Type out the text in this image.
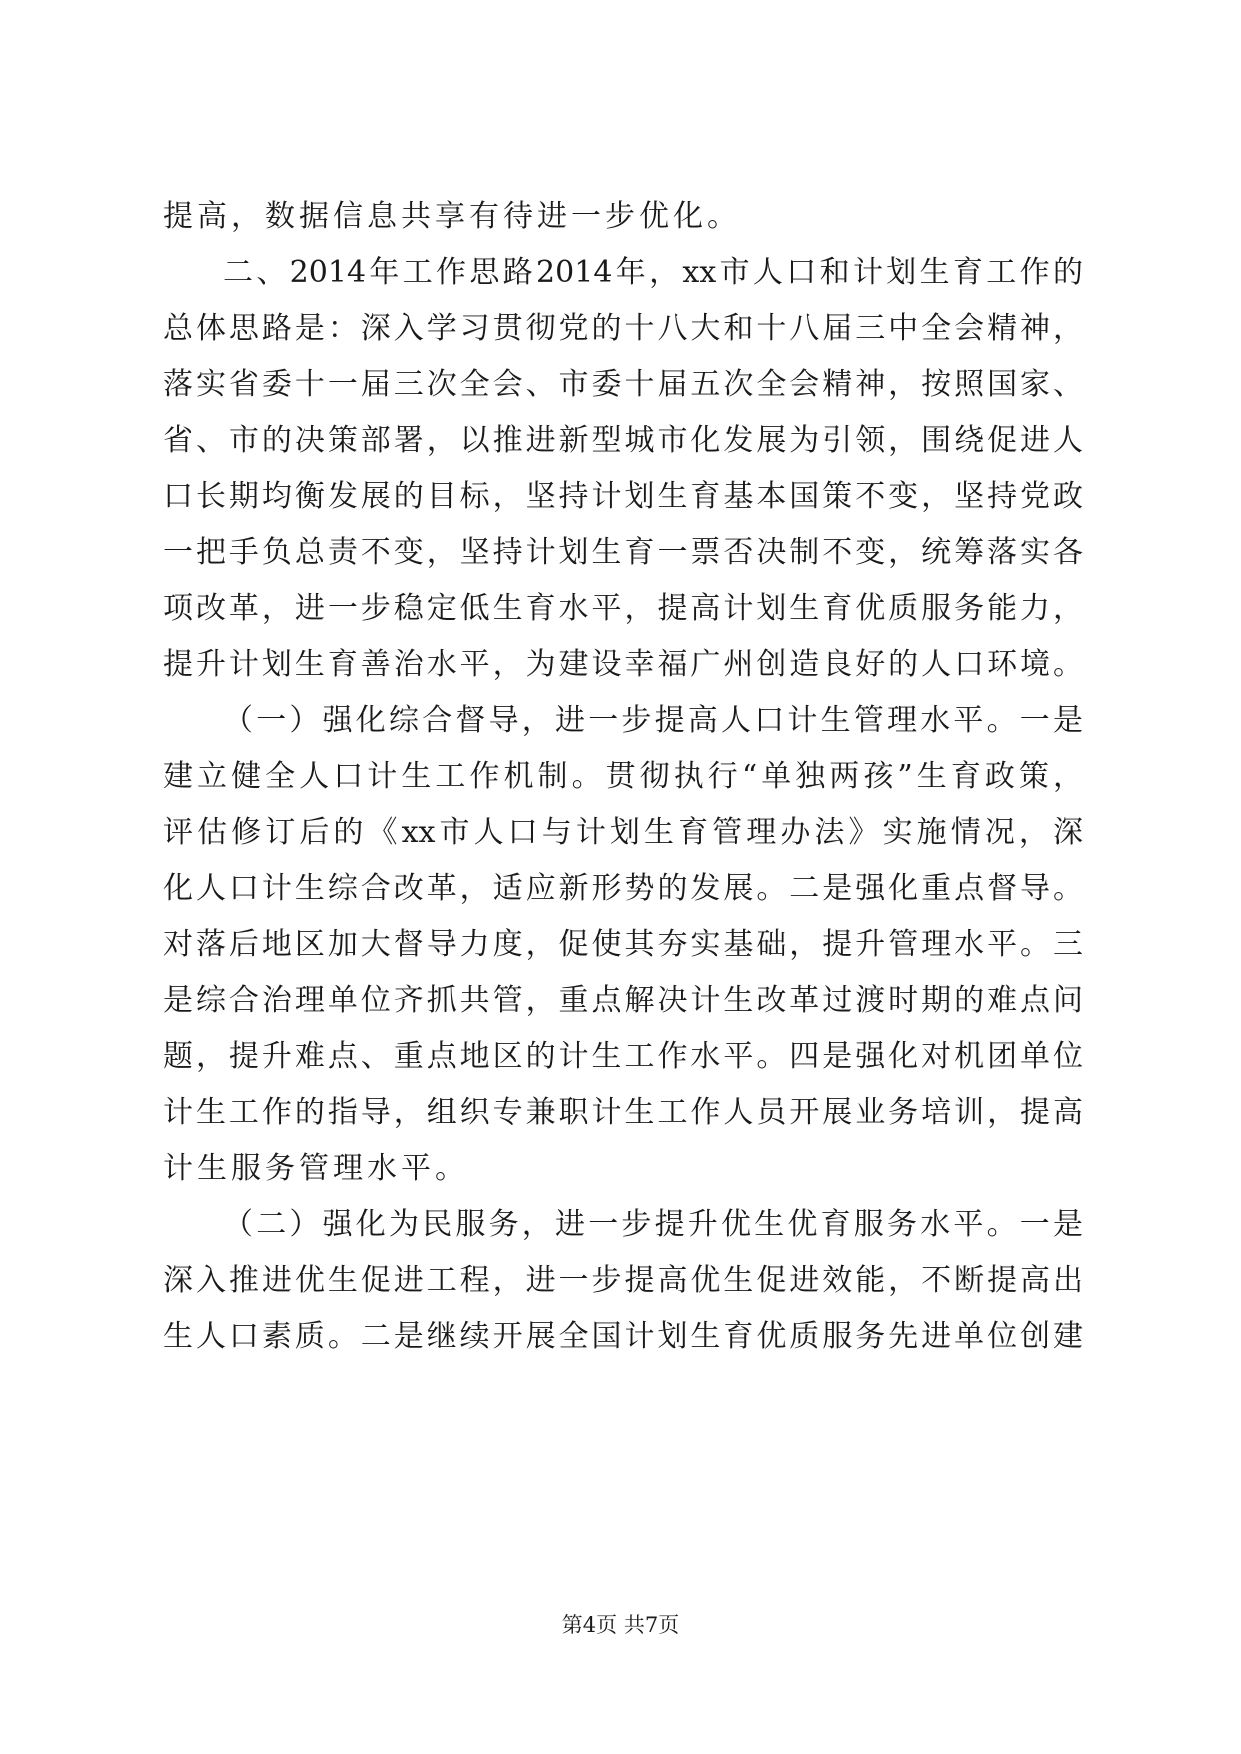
提高，数据信息共享有待进一步优化。
二、2014年工作思路2014年，xx市人口和计划生育工作的
总体思路是：深入学习贯彻党的十八大和十八届三中全会精神，
落实省委十一届三次全会、市委十届五次全会精神，按照国家、
省、市的决策部署，以推进新型城市化发展为引领，围绕促进人
口长期均衡发展的目标，坚持计划生育基本国策不变，坚持党政
一把手负总责不变，坚持计划生育一票否决制不变，统筹落实各
项改革，进一步稳定低生育水平，提高计划生育优质服务能力，
提升计划生育善治水平，为建设幸福广州创造良好的人口环境。
（一）强化综合督导，进一步提高人口计生管理水平。一是
建立健全人口计生工作机制。贯彻执行“单独两孩”生育政策，
评估修订后的《xx市人口与计划生育管理办法》实施情况，深
化人口计生综合改革，适应新形势的发展。二是强化重点督导。
对落后地区加大督导力度，促使其夯实基础，提升管理水平。三
是综合治理单位齐抓共管，重点解决计生改革过渡时期的难点问
题，提升难点、重点地区的计生工作水平。四是强化对机团单位
计生工作的指导，组织专兼职计生工作人员开展业务培训，提高
计生服务管理水平。
（二）强化为民服务，进一步提升优生优育服务水平。一是
深入推进优生促进工程，进一步提高优生促进效能，不断提高出
生人口素质。二是继续开展全国计划生育优质服务先进单位创建
第4页 共7页
